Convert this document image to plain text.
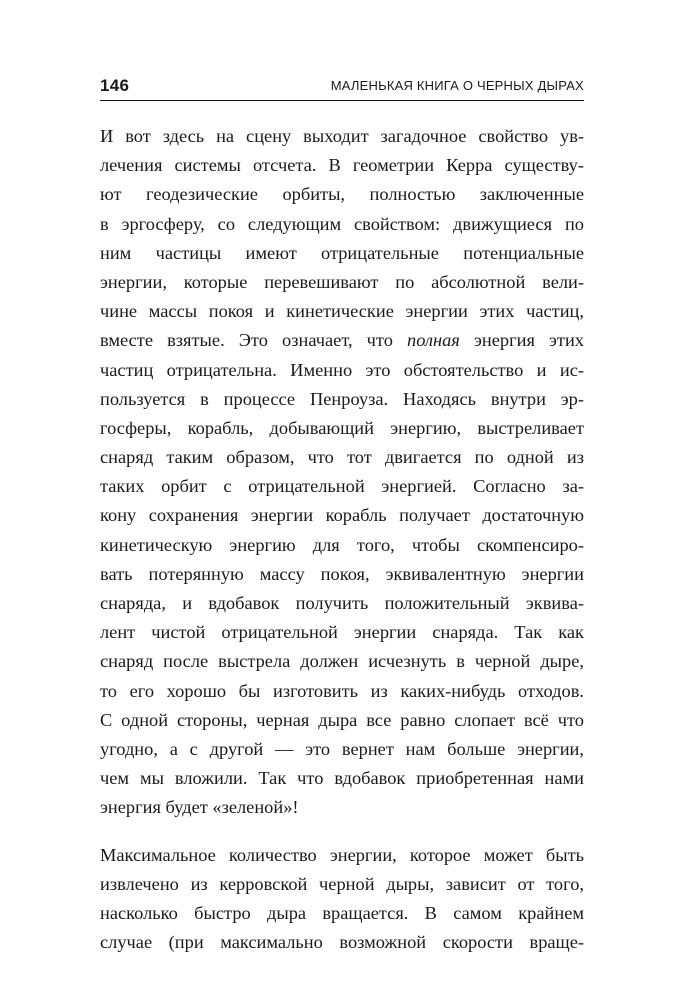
146	МАЛЕНЬКАЯ КНИГА О ЧЕРНЫХ ДЫРАХ

И вот здесь на сцену выходит загадочное свойство ув-
лечения системы отсчета. В геометрии Керра существу-
ют геодезические орбиты, полностью заключенные
в эргосферу, со следующим свойством: движущиеся по
ним частицы имеют отрицательные потенциальные
энергии, которые перевешивают по абсолютной вели-
чине массы покоя и кинетические энергии этих частиц,
вместе взятые. Это означает, что полная энергия этих
частиц отрицательна. Именно это обстоятельство и ис-
пользуется в процессе Пенроуза. Находясь внутри эр-
госферы, корабль, добывающий энергию, выстреливает
снаряд таким образом, что тот двигается по одной из
таких орбит с отрицательной энергией. Согласно за-
кону сохранения энергии корабль получает достаточную
кинетическую энергию для того, чтобы скомпенсиро-
вать потерянную массу покоя, эквивалентную энергии
снаряда, и вдобавок получить положительный эквива-
лент чистой отрицательной энергии снаряда. Так как
снаряд после выстрела должен исчезнуть в черной дыре,
то его хорошо бы изготовить из каких-нибудь отходов.
С одной стороны, черная дыра все равно слопает всё что
угодно, а с другой — это вернет нам больше энергии,
чем мы вложили. Так что вдобавок приобретенная нами
энергия будет «зеленой»!

Максимальное количество энергии, которое может быть
извлечено из керровской черной дыры, зависит от того,
насколько быстро дыра вращается. В самом крайнем
случае (при максимально возможной скорости враще-
